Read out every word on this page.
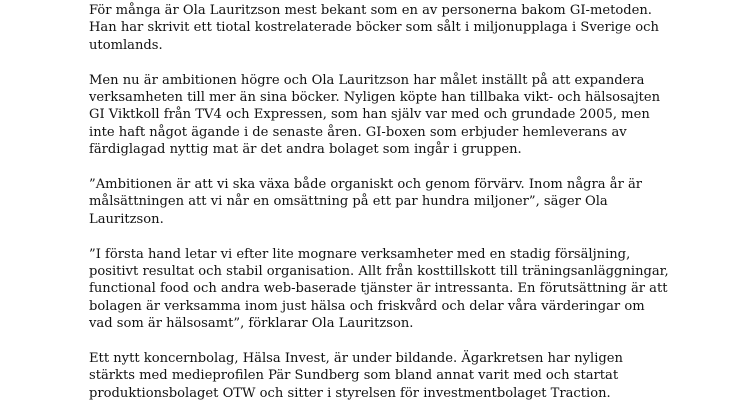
För många är Ola Lauritzson mest bekant som en av personerna bakom GI-metoden. Han har skrivit ett tiotal kostrelaterade böcker som sålt i miljonupplaga i Sverige och utomlands.

Men nu är ambitionen högre och Ola Lauritzson har målet inställt på att expandera verksamheten till mer än sina böcker. Nyligen köpte han tillbaka vikt- och hälsosajten GI Viktkoll från TV4 och Expressen, som han själv var med och grundade 2005, men inte haft något ägande i de senaste åren. GI-boxen som erbjuder hemleverans av färdiglagad nyttig mat är det andra bolaget som ingår i gruppen.

”Ambitionen är att vi ska växa både organiskt och genom förvärv. Inom några år är målsättningen att vi når en omsättning på ett par hundra miljoner”, säger Ola Lauritzson.

”I första hand letar vi efter lite mognare verksamheter med en stadig försäljning, positivt resultat och stabil organisation. Allt från kosttillskott till träningsanläggningar, functional food och andra web-baserade tjänster är intressanta. En förutsättning är att bolagen är verksamma inom just hälsa och friskvård och delar våra värderingar om vad som är hälsosamt”, förklarar Ola Lauritzson.

Ett nytt koncernbolag, Hälsa Invest, är under bildande. Ägarkretsen har nyligen stärkts med medieprofilen Pär Sundberg som bland annat varit med och startat produktionsbolaget OTW och sitter i styrelsen för investmentbolaget Traction.
